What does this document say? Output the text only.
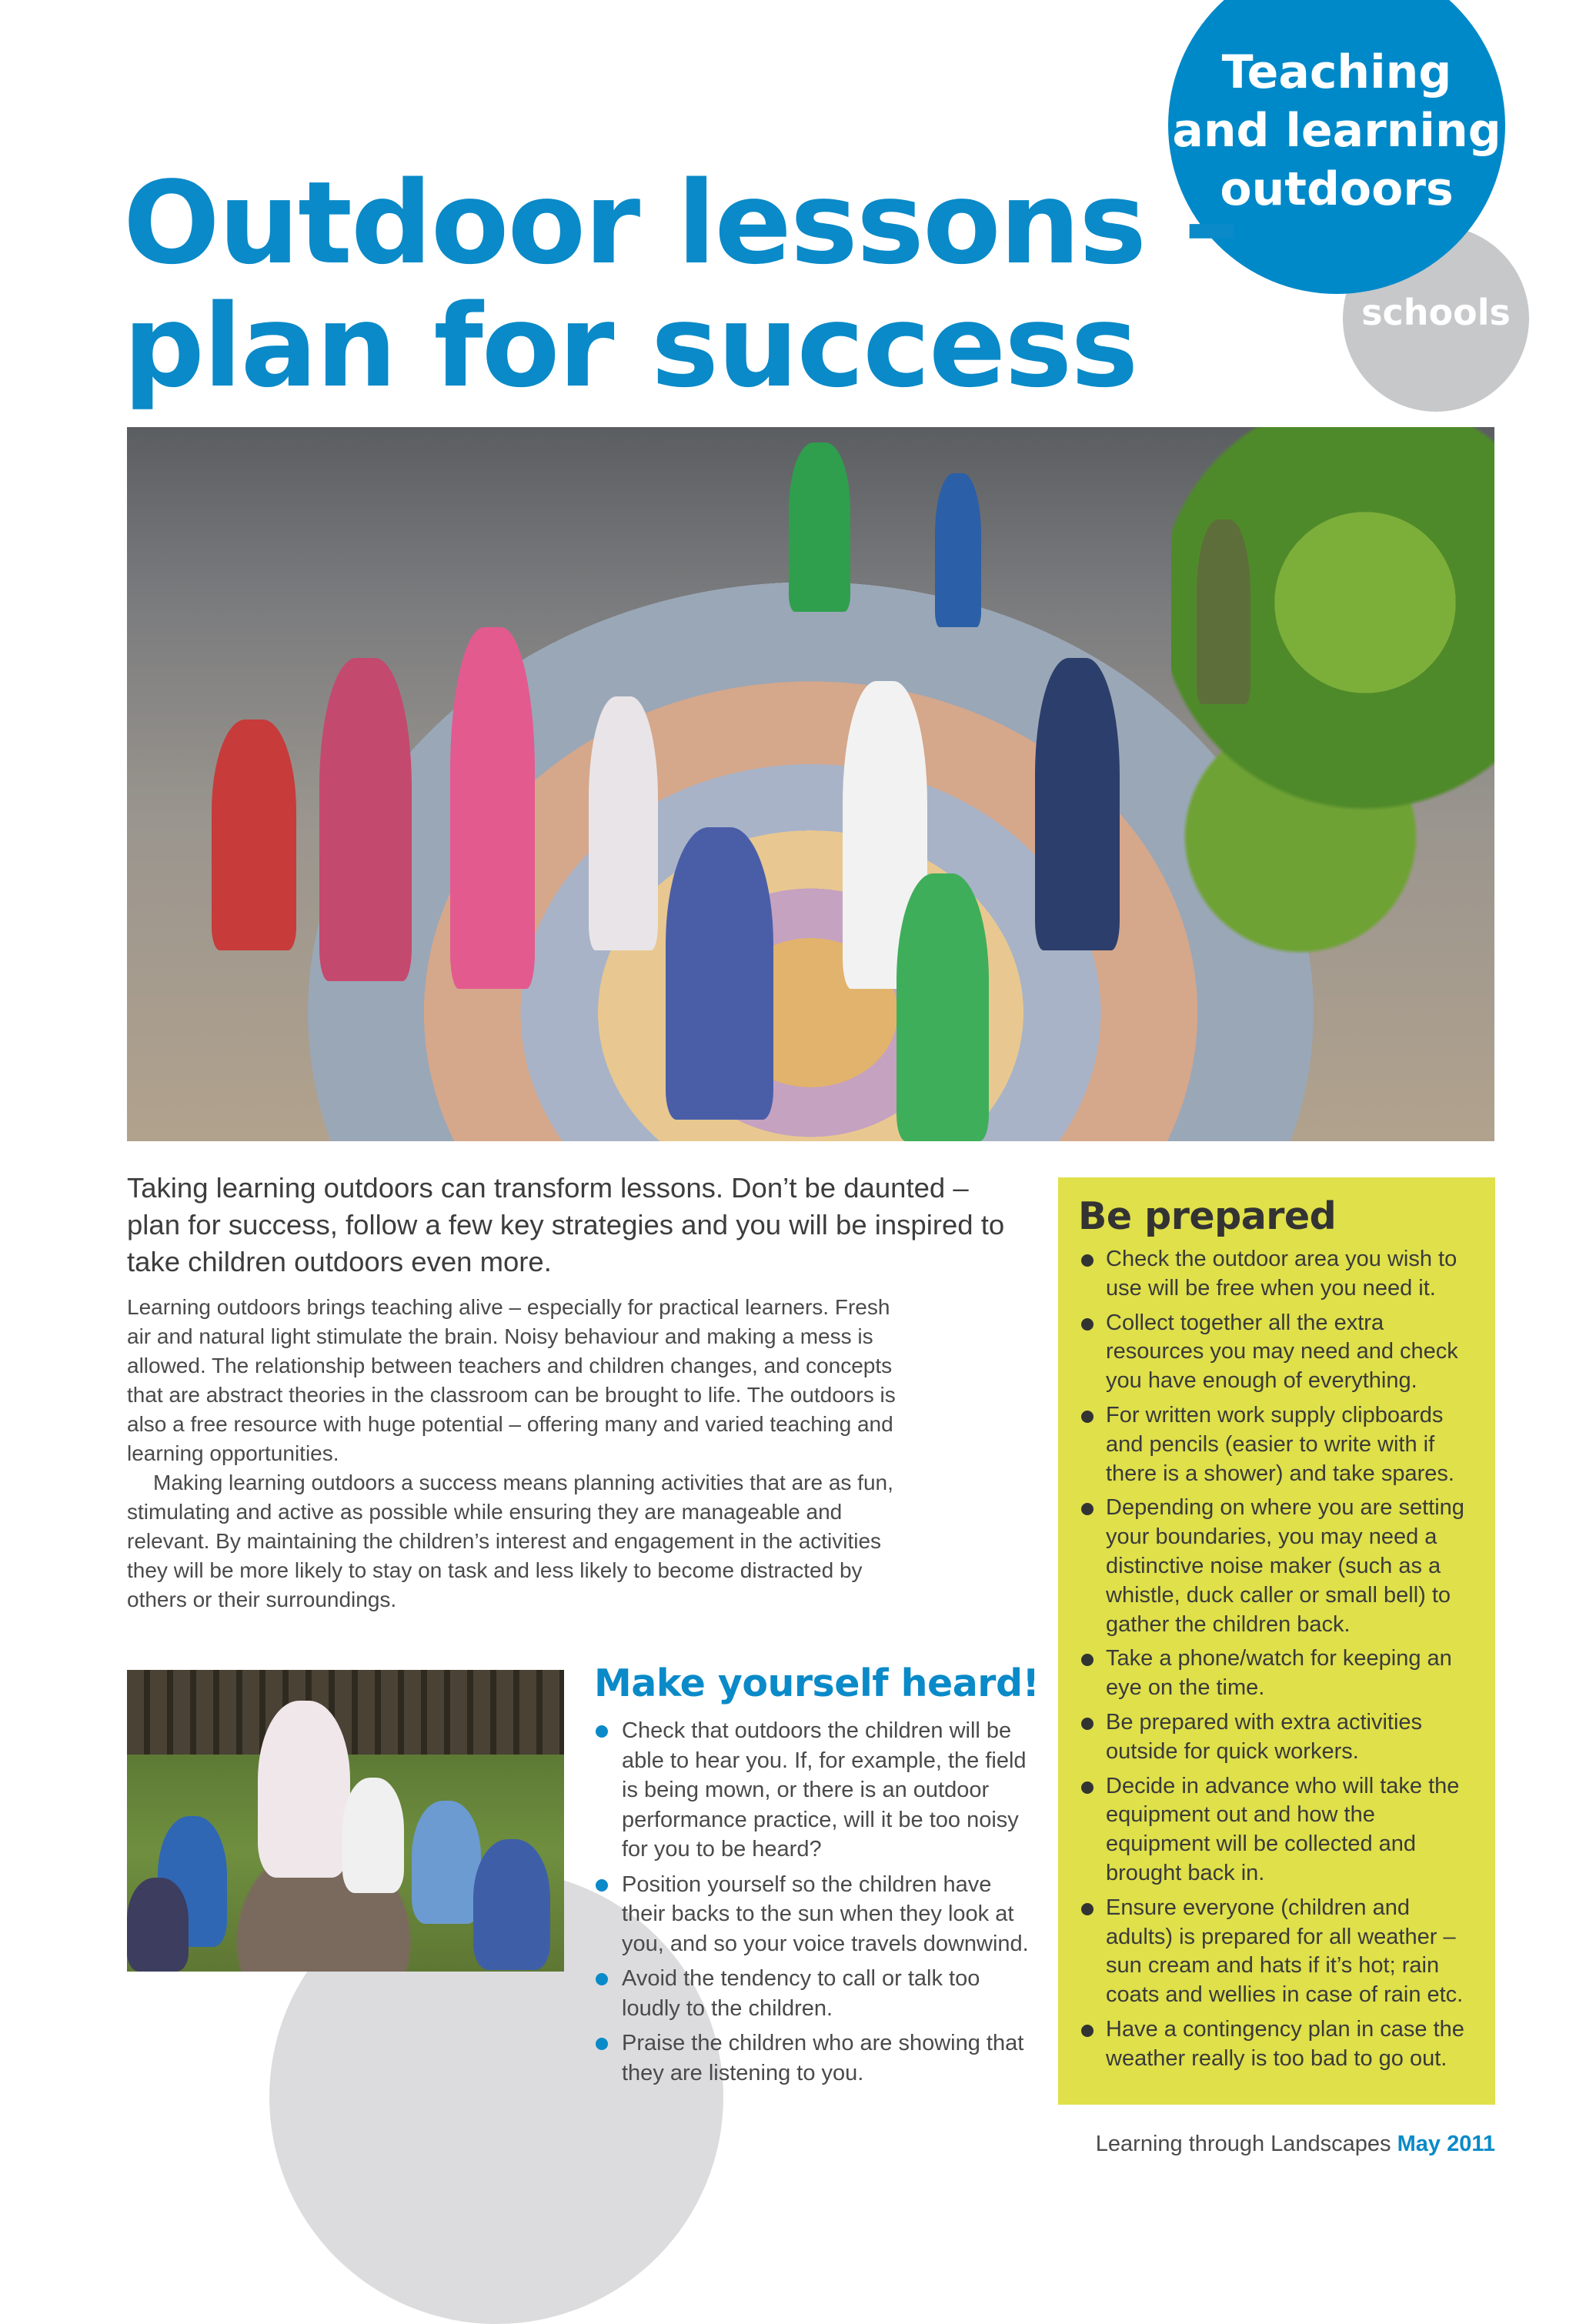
schools
Teaching
and learning
outdoors
Outdoor lessons –
plan for success

Taking learning outdoors can transform lessons. Don’t be daunted – plan for success, follow a few key strategies and you will be inspired to take children outdoors even more.

Learning outdoors brings teaching alive – especially for practical learners. Fresh air and natural light stimulate the brain. Noisy behaviour and making a mess is allowed. The relationship between teachers and children changes, and concepts that are abstract theories in the classroom can be brought to life. The outdoors is also a free resource with huge potential – offering many and varied teaching and learning opportunities.

Making learning outdoors a success means planning activities that are as fun, stimulating and active as possible while ensuring they are manageable and relevant. By maintaining the children’s interest and engagement in the activities they will be more likely to stay on task and less likely to become distracted by others or their surroundings.

Make yourself heard!
Check that outdoors the children will be able to hear you. If, for example, the field is being mown, or there is an outdoor performance practice, will it be too noisy for you to be heard?
Position yourself so the children have their backs to the sun when they look at you, and so your voice travels downwind.
Avoid the tendency to call or talk too loudly to the children.
Praise the children who are showing that they are listening to you.
Be prepared
Check the outdoor area you wish to use will be free when you need it.
Collect together all the extra resources you may need and check you have enough of everything.
For written work supply clipboards and pencils (easier to write with if there is a shower) and take spares.
Depending on where you are setting your boundaries, you may need a distinctive noise maker (such as a whistle, duck caller or small bell) to gather the children back.
Take a phone/watch for keeping an eye on the time.
Be prepared with extra activities outside for quick workers.
Decide in advance who will take the equipment out and how the equipment will be collected and brought back in.
Ensure everyone (children and adults) is prepared for all weather – sun cream and hats if it’s hot; rain coats and wellies in case of rain etc.
Have a contingency plan in case the weather really is too bad to go out.
Learning through Landscapes May 2011
